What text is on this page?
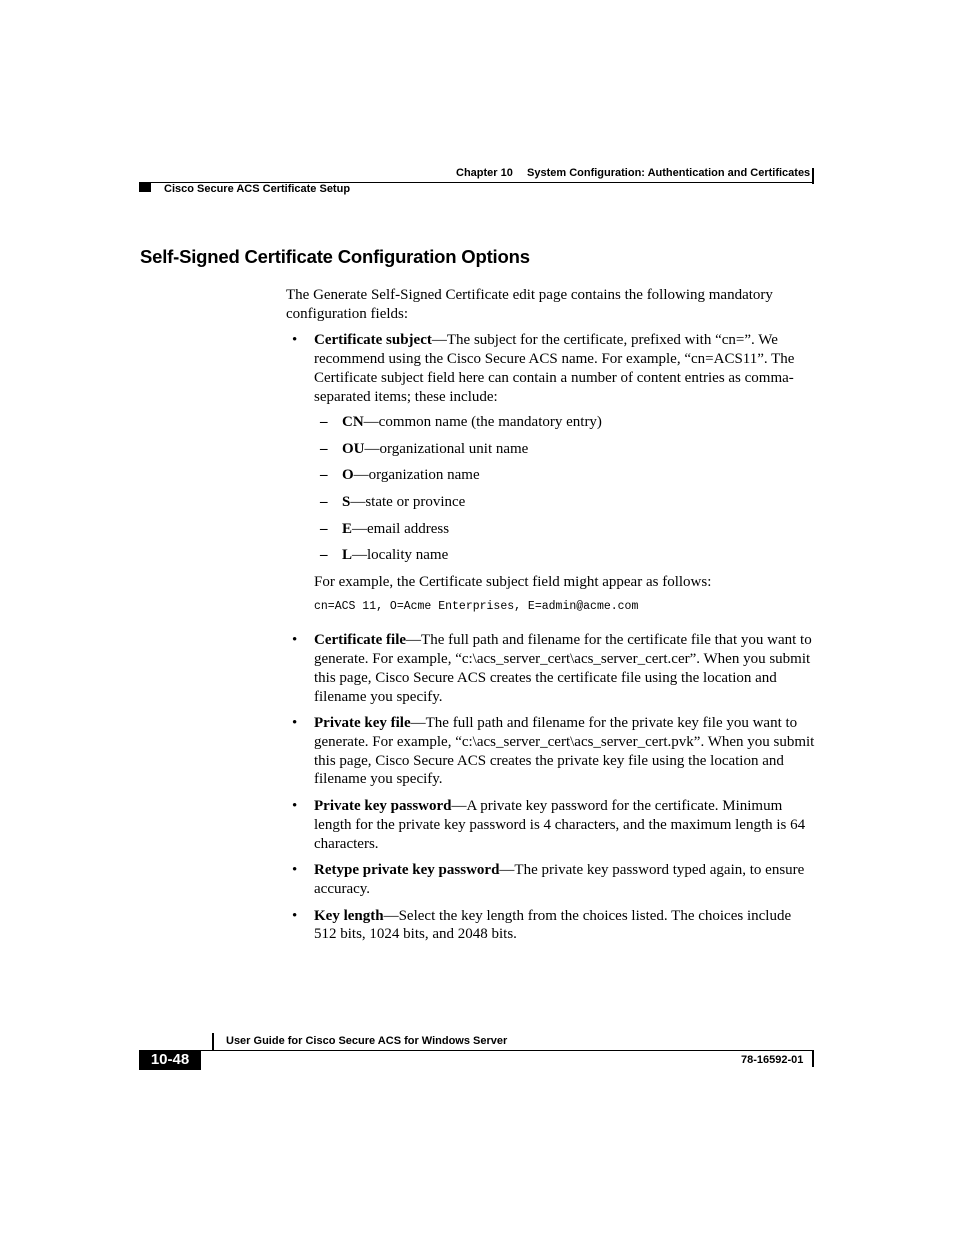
Chapter 10 System Configuration: Authentication and Certificates
Cisco Secure ACS Certificate Setup
Self-Signed Certificate Configuration Options

The Generate Self-Signed Certificate edit page contains the following mandatory configuration fields:

• Certificate subject—The subject for the certificate, prefixed with “cn=”. We recommend using the Cisco Secure ACS name. For example, “cn=ACS11”. The Certificate subject field here can contain a number of content entries as comma-separated items; these include:

– CN—common name (the mandatory entry)
– OU—organizational unit name
– O—organization name
– S—state or province
– E—email address
– L—locality name

For example, the Certificate subject field might appear as follows:

cn=ACS 11, O=Acme Enterprises, E=admin@acme.com

• Certificate file—The full path and filename for the certificate file that you want to generate. For example, “c:\acs_server_cert\acs_server_cert.cer”. When you submit this page, Cisco Secure ACS creates the certificate file using the location and filename you specify.

• Private key file—The full path and filename for the private key file you want to generate. For example, “c:\acs_server_cert\acs_server_cert.pvk”. When you submit this page, Cisco Secure ACS creates the private key file using the location and filename you specify.

• Private key password—A private key password for the certificate. Minimum length for the private key password is 4 characters, and the maximum length is 64 characters.

• Retype private key password—The private key password typed again, to ensure accuracy.

• Key length—Select the key length from the choices listed. The choices include 512 bits, 1024 bits, and 2048 bits.

User Guide for Cisco Secure ACS for Windows Server
10-48	78-16592-01
